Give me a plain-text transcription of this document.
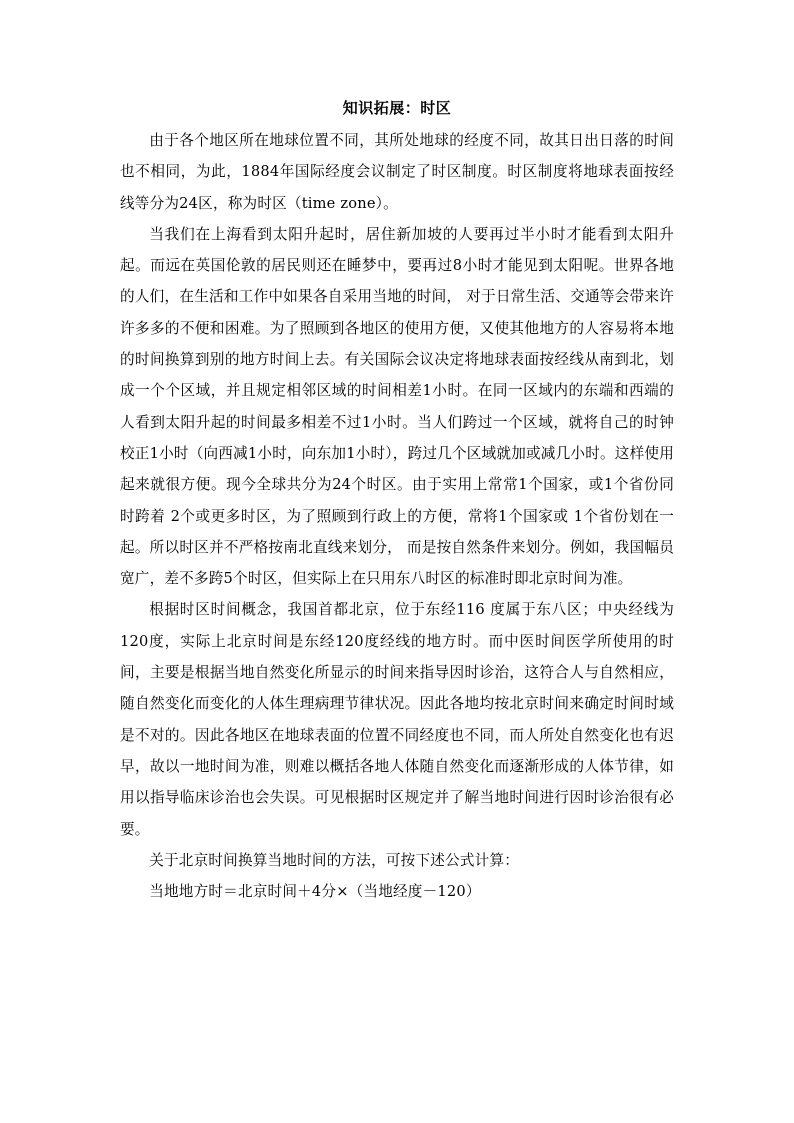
知识拓展：时区

由于各个地区所在地球位置不同，其所处地球的经度不同，故其日出日落的时间也不相同，为此，1884年国际经度会议制定了时区制度。时区制度将地球表面按经线等分为24区，称为时区（time zone）。

当我们在上海看到太阳升起时，居住新加坡的人要再过半小时才能看到太阳升起。而远在英国伦敦的居民则还在睡梦中，要再过8小时才能见到太阳呢。世界各地的人们，在生活和工作中如果各自采用当地的时间， 对于日常生活、交通等会带来许许多多的不便和困难。为了照顾到各地区的使用方便，又使其他地方的人容易将本地的时间换算到别的地方时间上去。有关国际会议决定将地球表面按经线从南到北，划成一个个区域，并且规定相邻区域的时间相差1小时。在同一区域内的东端和西端的人看到太阳升起的时间最多相差不过1小时。当人们跨过一个区域，就将自己的时钟校正1小时（向西减1小时，向东加1小时），跨过几个区域就加或减几小时。这样使用起来就很方便。现今全球共分为24个时区。由于实用上常常1个国家，或1个省份同时跨着 2个或更多时区，为了照顾到行政上的方便，常将1个国家或 1个省份划在一起。所以时区并不严格按南北直线来划分， 而是按自然条件来划分。例如，我国幅员宽广，差不多跨5个时区，但实际上在只用东八时区的标准时即北京时间为准。

根据时区时间概念，我国首都北京，位于东经116 度属于东八区；中央经线为120度，实际上北京时间是东经120度经线的地方时。而中医时间医学所使用的时间，主要是根据当地自然变化所显示的时间来指导因时诊治，这符合人与自然相应，随自然变化而变化的人体生理病理节律状况。因此各地均按北京时间来确定时间时域是不对的。因此各地区在地球表面的位置不同经度也不同，而人所处自然变化也有迟早，故以一地时间为准，则难以概括各地人体随自然变化而逐渐形成的人体节律，如用以指导临床诊治也会失误。可见根据时区规定并了解当地时间进行因时诊治很有必要。

关于北京时间换算当地时间的方法，可按下述公式计算：

当地地方时＝北京时间＋4分×（当地经度－120）
